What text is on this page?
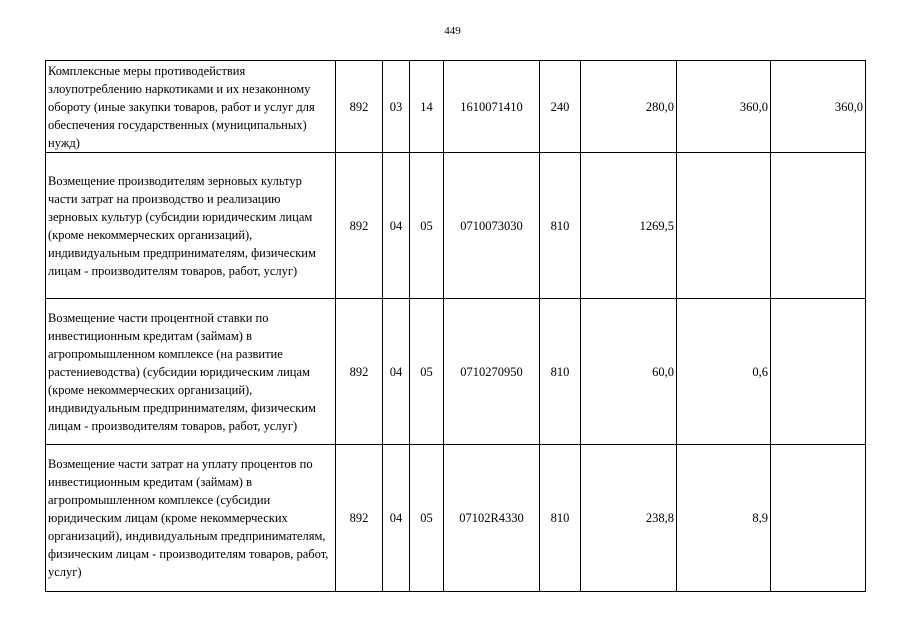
449
Комплексные меры противодействия злоупотреблению наркотиками и их незаконному обороту (иные закупки товаров, работ и услуг для обеспечения государственных (муниципальных) нужд)	892	03	14	1610071410	240	280,0	360,0	360,0
Возмещение производителям зерновых культур части затрат на производство и реализацию зерновых культур (субсидии юридическим лицам (кроме некоммерческих организаций), индивидуальным предпринимателям, физическим лицам - производителям товаров, работ, услуг)	892	04	05	0710073030	810	1269,5		
Возмещение части процентной ставки по инвестиционным кредитам (займам) в агропромышленном комплексе (на развитие растениеводства) (субсидии юридическим лицам (кроме некоммерческих организаций), индивидуальным предпринимателям, физическим лицам - производителям товаров, работ, услуг)	892	04	05	0710270950	810	60,0	0,6	
Возмещение части затрат на уплату процентов по инвестиционным кредитам (займам) в агропромышленном комплексе (субсидии юридическим лицам (кроме некоммерческих организаций), индивидуальным предпринимателям, физическим лицам - производителям товаров, работ, услуг)	892	04	05	07102R4330	810	238,8	8,9	
